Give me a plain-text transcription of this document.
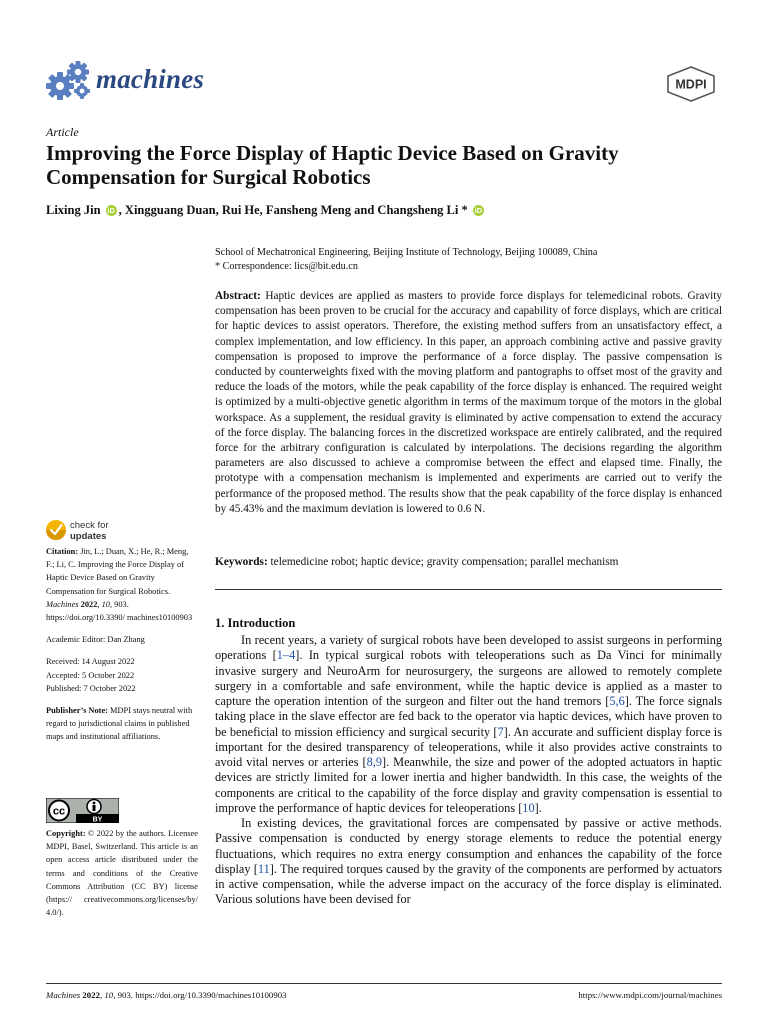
machines	MDPI
Article
Improving the Force Display of Haptic Device Based on Gravity Compensation for Surgical Robotics
Lixing Jin iD , Xingguang Duan, Rui He, Fansheng Meng and Changsheng Li * iD
School of Mechatronical Engineering, Beijing Institute of Technology, Beijing 100089, China
* Correspondence: lics@bit.edu.cn
Abstract: Haptic devices are applied as masters to provide force displays for telemedicinal robots. Gravity compensation has been proven to be crucial for the accuracy and capability of force displays, which are critical for haptic devices to assist operators. Therefore, the existing method suffers from an unsatisfactory effect, a complex implementation, and low efficiency. In this paper, an approach combining active and passive gravity compensation is proposed to improve the performance of a force display. The passive compensation is conducted by counterweights fixed with the moving platform and pantographs to offset most of the gravity and reduce the loads of the motors, while the peak capability of the force display is enhanced. The required weight is optimized by a multi-objective genetic algorithm in terms of the maximum torque of the motors in the global workspace. As a supplement, the residual gravity is eliminated by active compensation to extend the accuracy of the force display. The balancing forces in the discretized workspace are entirely calibrated, and the required force for the arbitrary configuration is calculated by interpolations. The decisions regarding the algorithm parameters are also discussed to achieve a compromise between the effect and elapsed time. Finally, the prototype with a compensation mechanism is implemented and experiments are carried out to verify the performance of the proposed method. The results show that the peak capability of the force display is enhanced by 45.43% and the maximum deviation is lowered to 0.6 N.
Keywords: telemedicine robot; haptic device; gravity compensation; parallel mechanism
1. Introduction

In recent years, a variety of surgical robots have been developed to assist surgeons in performing operations [1–4]. In typical surgical robots with teleoperations such as Da Vinci for minimally invasive surgery and NeuroArm for neurosurgery, the surgeons are allowed to remotely complete surgery in a comfortable and safe environment, while the haptic device is applied as a master to capture the operation intention of the surgeon and filter out the hand tremors [5,6]. The force signals taking place in the slave effector are fed back to the operator via haptic devices, which have proven to be beneficial to mission efficiency and surgical security [7]. An accurate and sufficient display force is important for the desired transparency of teleoperations, while it also provides active constraints to avoid vital nerves or arteries [8,9]. Meanwhile, the size and power of the adopted actuators in haptic devices are strictly limited for a lower inertia and higher bandwidth. In this case, the weights of the components are critical to the capability of the force display and gravity compensation is essential to improve the performance of haptic devices for teleoperations [10].

In existing devices, the gravitational forces are compensated by passive or active methods. Passive compensation is conducted by energy storage elements to reduce the potential energy fluctuations, which requires no extra energy consumption and enhances the capability of the force display [11]. The required torques caused by the gravity of the components are performed by actuators in active compensation, while the adverse impact on the accuracy of the force display is eliminated. Various solutions have been devised for

check for
updates

Citation: Jin, L.; Duan, X.; He, R.; Meng, F.; Li, C. Improving the Force Display of Haptic Device Based on Gravity Compensation for Surgical Robotics. Machines 2022, 10, 903. https://doi.org/10.3390/ machines10100903

Academic Editor: Dan Zhang

Received: 14 August 2022

Accepted: 5 October 2022

Published: 7 October 2022

Publisher’s Note: MDPI stays neutral with regard to jurisdictional claims in published maps and institutional affiliations.

cc
BY
Copyright: © 2022 by the authors. Licensee MDPI, Basel, Switzerland. This article is an open access article distributed under the terms and conditions of the Creative Commons Attribution (CC BY) license (https:// creativecommons.org/licenses/by/ 4.0/).
Machines 2022, 10, 903. https://doi.org/10.3390/machines10100903	https://www.mdpi.com/journal/machines
